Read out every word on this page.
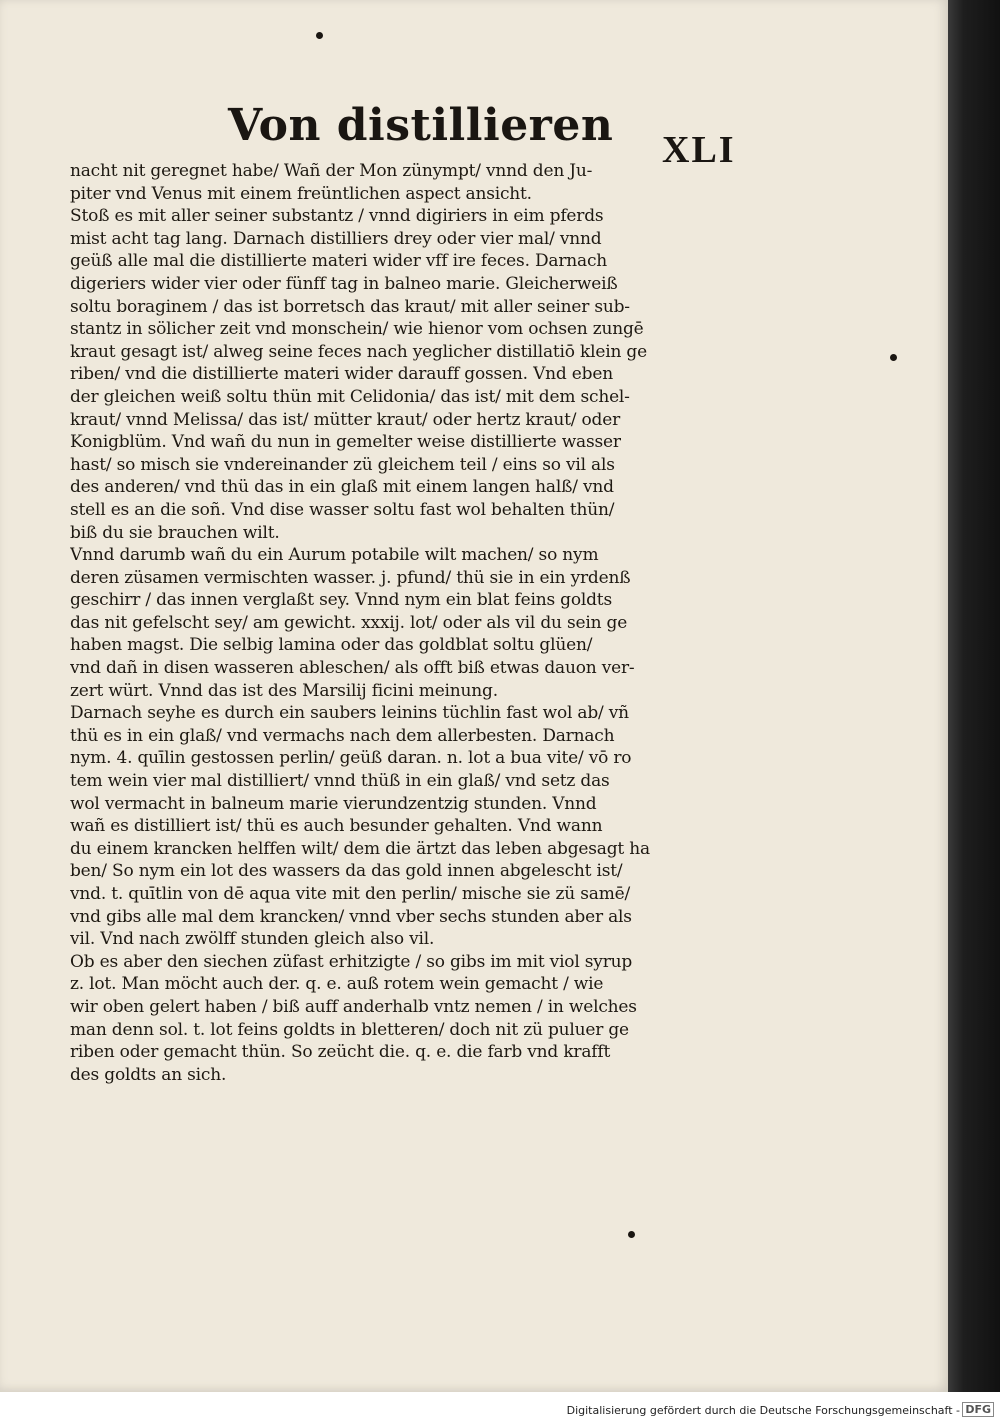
Von distillieren XLI
nacht nit geregnet habe/ Wañ der Mon zünympt/ vnnd den Ju-
piter vnd Venus mit einem freüntlichen aspect ansicht.
Stoß es mit aller seiner substantz / vnnd digiriers in eim pferds
mist acht tag lang. Darnach distilliers drey oder vier mal/ vnnd
geüß alle mal die distillierte materi wider vff ire feces. Darnach
digeriers wider vier oder fünff tag in balneo marie. Gleicherweiß
soltu boraginem / das ist borretsch das kraut/ mit aller seiner sub-
stantz in sölicher zeit vnd monschein/ wie hienor vom ochsen zungē
kraut gesagt ist/ alweg seine feces nach yeglicher distillatiō klein ge
riben/ vnd die distillierte materi wider darauff gossen. Vnd eben
der gleichen weiß soltu thün mit Celidonia/ das ist/ mit dem schel-
kraut/ vnnd Melissa/ das ist/ mütter kraut/ oder hertz kraut/ oder
Konigblüm. Vnd wañ du nun in gemelter weise distillierte wasser
hast/ so misch sie vndereinander zü gleichem teil / eins so vil als
des anderen/ vnd thü das in ein glaß mit einem langen halß/ vnd
stell es an die soñ. Vnd dise wasser soltu fast wol behalten thün/
biß du sie brauchen wilt.
Vnnd darumb wañ du ein Aurum potabile wilt machen/ so nym
deren züsamen vermischten wasser. j. pfund/ thü sie in ein yrdenß
geschirr / das innen verglaßt sey. Vnnd nym ein blat feins goldts
das nit gefelscht sey/ am gewicht. xxxij. lot/ oder als vil du sein ge
haben magst. Die selbig lamina oder das goldblat soltu glüen/
vnd dañ in disen wasseren ableschen/ als offt biß etwas dauon ver-
zert würt. Vnnd das ist des Marsilij ficini meinung.
Darnach seyhe es durch ein saubers leinins tüchlin fast wol ab/ vñ
thü es in ein glaß/ vnd vermachs nach dem allerbesten. Darnach
nym. 4. quīlin gestossen perlin/ geüß daran. n. lot a bua vite/ vō ro
tem wein vier mal distilliert/ vnnd thüß in ein glaß/ vnd setz das
wol vermacht in balneum marie vierundzentzig stunden. Vnnd
wañ es distilliert ist/ thü es auch besunder gehalten. Vnd wann
du einem krancken helffen wilt/ dem die ärtzt das leben abgesagt ha
ben/ So nym ein lot des wassers da das gold innen abgelescht ist/
vnd. t. quītlin von dē aqua vite mit den perlin/ mische sie zü samē/
vnd gibs alle mal dem krancken/ vnnd vber sechs stunden aber als
vil. Vnd nach zwölff stunden gleich also vil.
Ob es aber den siechen züfast erhitzigte / so gibs im mit viol syrup
z. lot. Man möcht auch der. q. e. auß rotem wein gemacht / wie
wir oben gelert haben / biß auff anderhalb vntz nemen / in welches
man denn sol. t. lot feins goldts in bletteren/ doch nit zü puluer ge
riben oder gemacht thün. So zeücht die. q. e. die farb vnd krafft
des goldts an sich.
Digitalisierung gefördert durch die Deutsche Forschungsgemeinschaft - DFG
